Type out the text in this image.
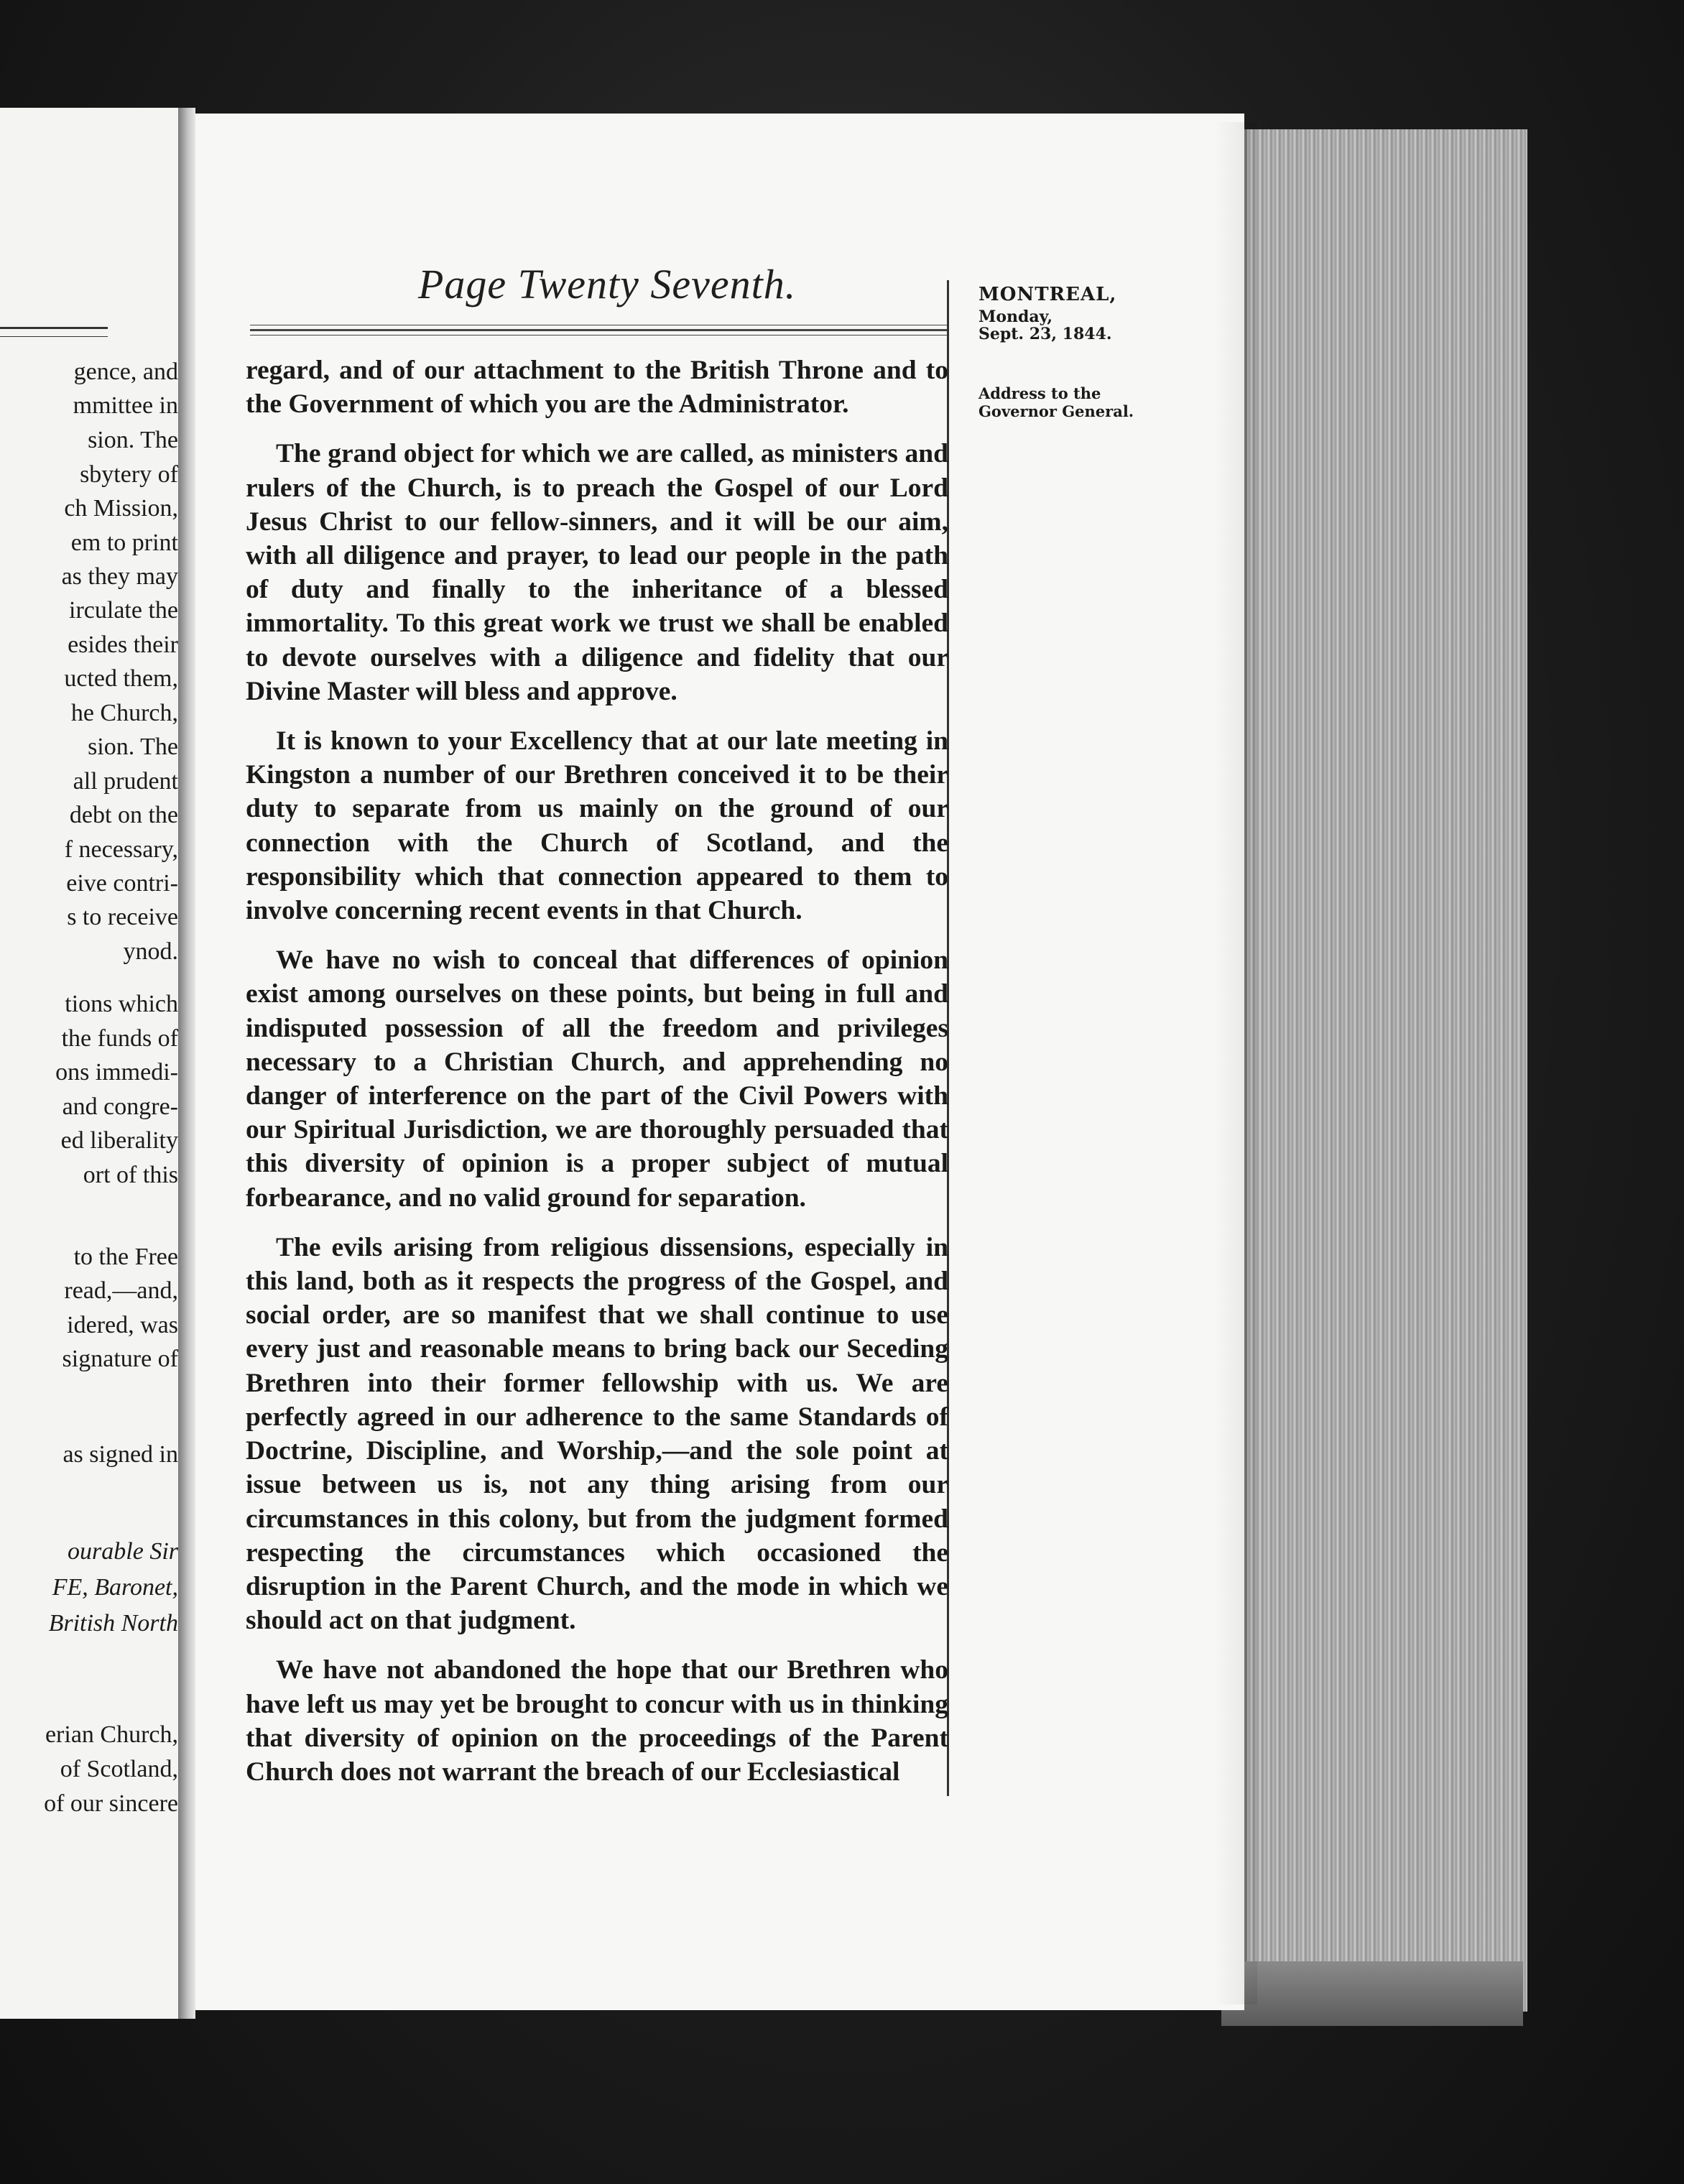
gence, and
mmittee in
sion. The
sbytery of
ch Mission,
em to print
as they may
irculate the
esides their
ucted them,
he Church,
sion. The
all prudent
debt on the
f necessary,
eive contri-
s to receive
ynod.
tions which
the funds of
ons immedi-
and congre-
ed liberality
ort of this
to the Free
read,—and,
idered, was
signature of
as signed in
ourable Sir
FE, Baronet,
British North
erian Church,
of Scotland,
of our sincere
Page Twenty Seventh.	MONTREAL,
Monday,
Sept. 23, 1844.
Address to the
Governor General.

regard, and of our attachment to the British Throne and to the Government of which you are the Administrator.

The grand object for which we are called, as ministers and rulers of the Church, is to preach the Gospel of our Lord Jesus Christ to our fellow-sinners, and it will be our aim, with all diligence and prayer, to lead our people in the path of duty and finally to the inheritance of a blessed immortality. To this great work we trust we shall be enabled to devote ourselves with a diligence and fidelity that our Divine Master will bless and approve.

It is known to your Excellency that at our late meeting in Kingston a number of our Brethren conceived it to be their duty to separate from us mainly on the ground of our connection with the Church of Scotland, and the responsibility which that connection appeared to them to involve concerning recent events in that Church.

We have no wish to conceal that differences of opinion exist among ourselves on these points, but being in full and indisputed possession of all the freedom and privileges necessary to a Christian Church, and apprehending no danger of interference on the part of the Civil Powers with our Spiritual Jurisdiction, we are thoroughly persuaded that this diversity of opinion is a proper subject of mutual forbearance, and no valid ground for separation.

The evils arising from religious dissensions, especially in this land, both as it respects the progress of the Gospel, and social order, are so manifest that we shall continue to use every just and reasonable means to bring back our Seceding Brethren into their former fellowship with us. We are perfectly agreed in our adherence to the same Standards of Doctrine, Discipline, and Worship,—and the sole point at issue between us is, not any thing arising from our circumstances in this colony, but from the judgment formed respecting the circumstances which occasioned the disruption in the Parent Church, and the mode in which we should act on that judgment.

We have not abandoned the hope that our Brethren who have left us may yet be brought to concur with us in thinking that diversity of opinion on the proceedings of the Parent Church does not warrant the breach of our Ecclesiastical
